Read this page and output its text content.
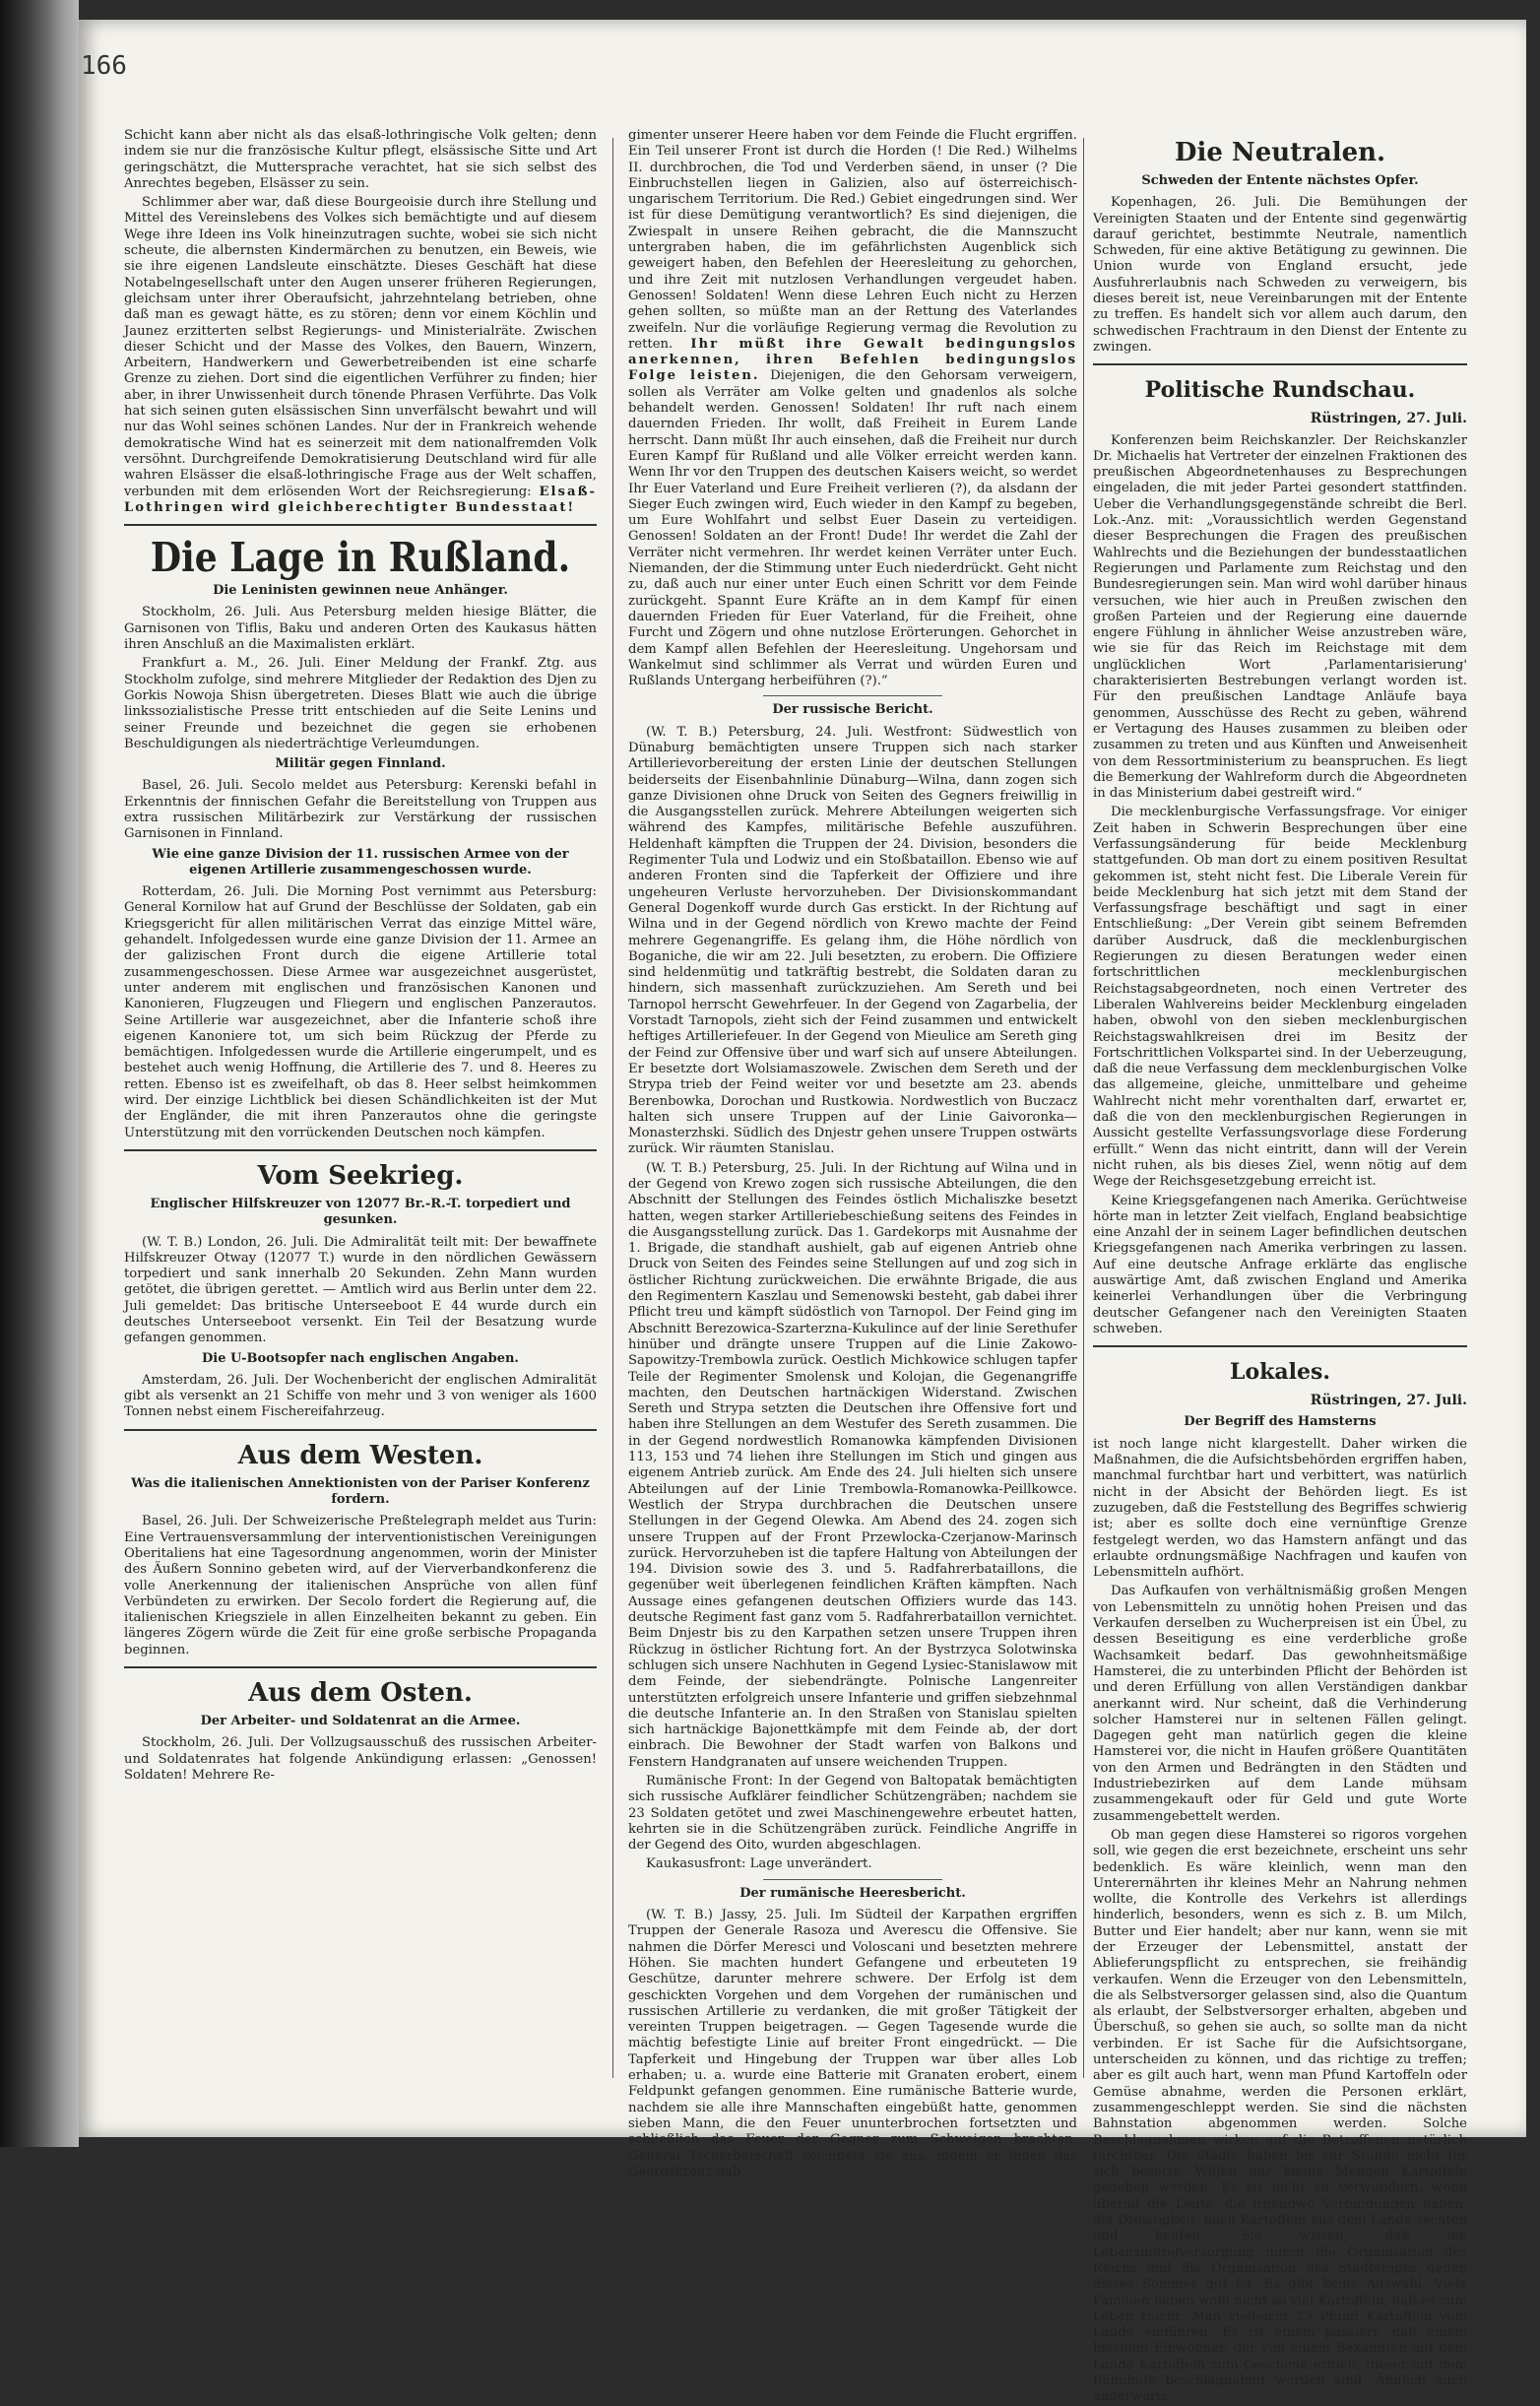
166

Schicht kann aber nicht als das elsaß-lothringische Volk gelten; denn indem sie nur die französische Kultur pflegt, elsässische Sitte und Art geringschätzt, die Muttersprache verachtet, hat sie sich selbst des Anrechtes begeben, Elsässer zu sein.

Schlimmer aber war, daß diese Bourgeoisie durch ihre Stellung und Mittel des Vereinslebens des Volkes sich bemächtigte und auf diesem Wege ihre Ideen ins Volk hineinzutragen suchte, wobei sie sich nicht scheute, die albernsten Kindermärchen zu benutzen, ein Beweis, wie sie ihre eigenen Landsleute einschätzte. Dieses Geschäft hat diese Notabelngesellschaft unter den Augen unserer früheren Regierungen, gleichsam unter ihrer Oberaufsicht, jahrzehntelang betrieben, ohne daß man es gewagt hätte, es zu stören; denn vor einem Köchlin und Jaunez erzitterten selbst Regierungs- und Ministerialräte. Zwischen dieser Schicht und der Masse des Volkes, den Bauern, Winzern, Arbeitern, Handwerkern und Gewerbetreibenden ist eine scharfe Grenze zu ziehen. Dort sind die eigentlichen Verführer zu finden; hier aber, in ihrer Unwissenheit durch tönende Phrasen Verführte. Das Volk hat sich seinen guten elsässischen Sinn unverfälscht bewahrt und will nur das Wohl seines schönen Landes. Nur der in Frankreich wehende demokratische Wind hat es seinerzeit mit dem nationalfremden Volk versöhnt. Durchgreifende Demokratisierung Deutschland wird für alle wahren Elsässer die elsaß-lothringische Frage aus der Welt schaffen, verbunden mit dem erlösenden Wort der Reichsregierung: Elsaß-Lothringen wird gleichberechtigter Bundesstaat!

Die Lage in Rußland.
Die Leninisten gewinnen neue Anhänger.

Stockholm, 26. Juli. Aus Petersburg melden hiesige Blätter, die Garnisonen von Tiflis, Baku und anderen Orten des Kaukasus hätten ihren Anschluß an die Maximalisten erklärt.

Frankfurt a. M., 26. Juli. Einer Meldung der Frankf. Ztg. aus Stockholm zufolge, sind mehrere Mitglieder der Redaktion des Djen zu Gorkis Nowoja Shisn übergetreten. Dieses Blatt wie auch die übrige linkssozialistische Presse tritt entschieden auf die Seite Lenins und seiner Freunde und bezeichnet die gegen sie erhobenen Beschuldigungen als niederträchtige Verleumdungen.

Militär gegen Finnland.

Basel, 26. Juli. Secolo meldet aus Petersburg: Kerenski befahl in Erkenntnis der finnischen Gefahr die Bereitstellung von Truppen aus extra russischen Militärbezirk zur Verstärkung der russischen Garnisonen in Finnland.

Wie eine ganze Division der 11. russischen Armee von der eigenen Artillerie zusammengeschossen wurde.

Rotterdam, 26. Juli. Die Morning Post vernimmt aus Petersburg: General Kornilow hat auf Grund der Beschlüsse der Soldaten, gab ein Kriegsgericht für allen militärischen Verrat das einzige Mittel wäre, gehandelt. Infolgedessen wurde eine ganze Division der 11. Armee an der galizischen Front durch die eigene Artillerie total zusammengeschossen. Diese Armee war ausgezeichnet ausgerüstet, unter anderem mit englischen und französischen Kanonen und Kanonieren, Flugzeugen und Fliegern und englischen Panzerautos. Seine Artillerie war ausgezeichnet, aber die Infanterie schoß ihre eigenen Kanoniere tot, um sich beim Rückzug der Pferde zu bemächtigen. Infolgedessen wurde die Artillerie eingerumpelt, und es bestehet auch wenig Hoffnung, die Artillerie des 7. und 8. Heeres zu retten. Ebenso ist es zweifelhaft, ob das 8. Heer selbst heimkommen wird. Der einzige Lichtblick bei diesen Schändlichkeiten ist der Mut der Engländer, die mit ihren Panzerautos ohne die geringste Unterstützung mit den vorrückenden Deutschen noch kämpfen.

Vom Seekrieg.
Englischer Hilfskreuzer von 12077 Br.-R.-T. torpediert und gesunken.

(W. T. B.) London, 26. Juli. Die Admiralität teilt mit: Der bewaffnete Hilfskreuzer Otway (12077 T.) wurde in den nördlichen Gewässern torpediert und sank innerhalb 20 Sekunden. Zehn Mann wurden getötet, die übrigen gerettet. — Amtlich wird aus Berlin unter dem 22. Juli gemeldet: Das britische Unterseeboot E 44 wurde durch ein deutsches Unterseeboot versenkt. Ein Teil der Besatzung wurde gefangen genommen.

Die U-Bootsopfer nach englischen Angaben.

Amsterdam, 26. Juli. Der Wochenbericht der englischen Admiralität gibt als versenkt an 21 Schiffe von mehr und 3 von weniger als 1600 Tonnen nebst einem Fischereifahrzeug.

Aus dem Westen.
Was die italienischen Annektionisten von der Pariser Konferenz fordern.

Basel, 26. Juli. Der Schweizerische Preßtelegraph meldet aus Turin: Eine Vertrauensversammlung der interventionistischen Vereinigungen Oberitaliens hat eine Tagesordnung angenommen, worin der Minister des Äußern Sonnino gebeten wird, auf der Vierverbandkonferenz die volle Anerkennung der italienischen Ansprüche von allen fünf Verbündeten zu erwirken. Der Secolo fordert die Regierung auf, die italienischen Kriegsziele in allen Einzelheiten bekannt zu geben. Ein längeres Zögern würde die Zeit für eine große serbische Propaganda beginnen.

Aus dem Osten.
Der Arbeiter- und Soldatenrat an die Armee.

Stockholm, 26. Juli. Der Vollzugsausschuß des russischen Arbeiter- und Soldatenrates hat folgende Ankündigung erlassen: „Genossen! Soldaten! Mehrere Re-

gimenter unserer Heere haben vor dem Feinde die Flucht ergriffen. Ein Teil unserer Front ist durch die Horden (! Die Red.) Wilhelms II. durchbrochen, die Tod und Verderben säend, in unser (? Die Einbruchstellen liegen in Galizien, also auf österreichisch-ungarischem Territorium. Die Red.) Gebiet eingedrungen sind. Wer ist für diese Demütigung verantwortlich? Es sind diejenigen, die Zwiespalt in unsere Reihen gebracht, die die Mannszucht untergraben haben, die im gefährlichsten Augenblick sich geweigert haben, den Befehlen der Heeresleitung zu gehorchen, und ihre Zeit mit nutzlosen Verhandlungen vergeudet haben. Genossen! Soldaten! Wenn diese Lehren Euch nicht zu Herzen gehen sollten, so müßte man an der Rettung des Vaterlandes zweifeln. Nur die vorläufige Regierung vermag die Revolution zu retten. Ihr müßt ihre Gewalt bedingungslos anerkennen, ihren Befehlen bedingungslos Folge leisten. Diejenigen, die den Gehorsam verweigern, sollen als Verräter am Volke gelten und gnadenlos als solche behandelt werden. Genossen! Soldaten! Ihr ruft nach einem dauernden Frieden. Ihr wollt, daß Freiheit in Eurem Lande herrscht. Dann müßt Ihr auch einsehen, daß die Freiheit nur durch Euren Kampf für Rußland und alle Völker erreicht werden kann. Wenn Ihr vor den Truppen des deutschen Kaisers weicht, so werdet Ihr Euer Vaterland und Eure Freiheit verlieren (?), da alsdann der Sieger Euch zwingen wird, Euch wieder in den Kampf zu begeben, um Eure Wohlfahrt und selbst Euer Dasein zu verteidigen. Genossen! Soldaten an der Front! Dude! Ihr werdet die Zahl der Verräter nicht vermehren. Ihr werdet keinen Verräter unter Euch. Niemanden, der die Stimmung unter Euch niederdrückt. Geht nicht zu, daß auch nur einer unter Euch einen Schritt vor dem Feinde zurückgeht. Spannt Eure Kräfte an in dem Kampf für einen dauernden Frieden für Euer Vaterland, für die Freiheit, ohne Furcht und Zögern und ohne nutzlose Erörterungen. Gehorchet in dem Kampf allen Befehlen der Heeresleitung. Ungehorsam und Wankelmut sind schlimmer als Verrat und würden Euren und Rußlands Untergang herbeiführen (?).“

Der russische Bericht.

(W. T. B.) Petersburg, 24. Juli. Westfront: Südwestlich von Dünaburg bemächtigten unsere Truppen sich nach starker Artillerievorbereitung der ersten Linie der deutschen Stellungen beiderseits der Eisenbahnlinie Dünaburg—Wilna, dann zogen sich ganze Divisionen ohne Druck von Seiten des Gegners freiwillig in die Ausgangsstellen zurück. Mehrere Abteilungen weigerten sich während des Kampfes, militärische Befehle auszuführen. Heldenhaft kämpften die Truppen der 24. Division, besonders die Regimenter Tula und Lodwiz und ein Stoßbataillon. Ebenso wie auf anderen Fronten sind die Tapferkeit der Offiziere und ihre ungeheuren Verluste hervorzuheben. Der Divisionskommandant General Dogenkoff wurde durch Gas erstickt. In der Richtung auf Wilna und in der Gegend nördlich von Krewo machte der Feind mehrere Gegenangriffe. Es gelang ihm, die Höhe nördlich von Boganiche, die wir am 22. Juli besetzten, zu erobern. Die Offiziere sind heldenmütig und tatkräftig bestrebt, die Soldaten daran zu hindern, sich massenhaft zurückzuziehen. Am Sereth und bei Tarnopol herrscht Gewehrfeuer. In der Gegend von Zagarbelia, der Vorstadt Tarnopols, zieht sich der Feind zusammen und entwickelt heftiges Artilleriefeuer. In der Gegend von Mieulice am Sereth ging der Feind zur Offensive über und warf sich auf unsere Abteilungen. Er besetzte dort Wolsiamaszowele. Zwischen dem Sereth und der Strypa trieb der Feind weiter vor und besetzte am 23. abends Berenbowka, Dorochan und Rustkowia. Nordwestlich von Buczacz halten sich unsere Truppen auf der Linie Gaivoronka—Monasterzhski. Südlich des Dnjestr gehen unsere Truppen ostwärts zurück. Wir räumten Stanislau.

(W. T. B.) Petersburg, 25. Juli. In der Richtung auf Wilna und in der Gegend von Krewo zogen sich russische Abteilungen, die den Abschnitt der Stellungen des Feindes östlich Michaliszke besetzt hatten, wegen starker Artilleriebeschießung seitens des Feindes in die Ausgangsstellung zurück. Das 1. Gardekorps mit Ausnahme der 1. Brigade, die standhaft aushielt, gab auf eigenen Antrieb ohne Druck von Seiten des Feindes seine Stellungen auf und zog sich in östlicher Richtung zurückweichen. Die erwähnte Brigade, die aus den Regimentern Kaszlau und Semenowski besteht, gab dabei ihrer Pflicht treu und kämpft südöstlich von Tarnopol. Der Feind ging im Abschnitt Berezowica-Szarterzna-Kukulince auf der linie Serethufer hinüber und drängte unsere Truppen auf die Linie Zakowo-Sapowitzy-Trembowla zurück. Oestlich Michkowice schlugen tapfer Teile der Regimenter Smolensk und Kolojan, die Gegenangriffe machten, den Deutschen hartnäckigen Widerstand. Zwischen Sereth und Strypa setzten die Deutschen ihre Offensive fort und haben ihre Stellungen an dem Westufer des Sereth zusammen. Die in der Gegend nordwestlich Romanowka kämpfenden Divisionen 113, 153 und 74 liehen ihre Stellungen im Stich und gingen aus eigenem Antrieb zurück. Am Ende des 24. Juli hielten sich unsere Abteilungen auf der Linie Trembowla-Romanowka-Peillkowce. Westlich der Strypa durchbrachen die Deutschen unsere Stellungen in der Gegend Olewka. Am Abend des 24. zogen sich unsere Truppen auf der Front Przewlocka-Czerjanow-Marinsch zurück. Hervorzuheben ist die tapfere Haltung von Abteilungen der 194. Division sowie des 3. und 5. Radfahrerbataillons, die gegenüber weit überlegenen feindlichen Kräften kämpften. Nach Aussage eines gefangenen deutschen Offiziers wurde das 143. deutsche Regiment fast ganz vom 5. Radfahrerbataillon vernichtet. Beim Dnjestr bis zu den Karpathen setzen unsere Truppen ihren Rückzug in östlicher Richtung fort. An der Bystrzyca Solotwinska schlugen sich unsere Nachhuten in Gegend Lysiec-Stanislawow mit dem Feinde, der siebendrängte. Polnische Langenreiter unterstützten erfolgreich unsere Infanterie und griffen siebzehnmal die deutsche Infanterie an. In den Straßen von Stanislau spielten sich hartnäckige Bajonettkämpfe mit dem Feinde ab, der dort einbrach. Die Bewohner der Stadt warfen von Balkons und Fenstern Handgranaten auf unsere weichenden Truppen.

Rumänische Front: In der Gegend von Baltopatak bemächtigten sich russische Aufklärer feindlicher Schützengräben; nachdem sie 23 Soldaten getötet und zwei Maschinengewehre erbeutet hatten, kehrten sie in die Schützengräben zurück. Feindliche Angriffe in der Gegend des Oito, wurden abgeschlagen.

Kaukasusfront: Lage unverändert.

Der rumänische Heeresbericht.

(W. T. B.) Jassy, 25. Juli. Im Südteil der Karpathen ergriffen Truppen der Generale Rasoza und Averescu die Offensive. Sie nahmen die Dörfer Meresci und Voloscani und besetzten mehrere Höhen. Sie machten hundert Gefangene und erbeuteten 19 Geschütze, darunter mehrere schwere. Der Erfolg ist dem geschickten Vorgehen und dem Vorgehen der rumänischen und russischen Artillerie zu verdanken, die mit großer Tätigkeit der vereinten Truppen beigetragen. — Gegen Tagesende wurde die mächtig befestigte Linie auf breiter Front eingedrückt. — Die Tapferkeit und Hingebung der Truppen war über alles Lob erhaben; u. a. wurde eine Batterie mit Granaten erobert, einem Feldpunkt gefangen genommen. Eine rumänische Batterie wurde, nachdem sie alle ihre Mannschaften eingebüßt hatte, genommen sieben Mann, die den Feuer ununterbrochen fortsetzten und schließlich das Feuer der Gegner zum Schweigen brachten. General Tscherbatscheff zeichnete sie aus, indem er ihnen das Georgskreuz gab.

Die Neutralen.
Schweden der Entente nächstes Opfer.

Kopenhagen, 26. Juli. Die Bemühungen der Vereinigten Staaten und der Entente sind gegenwärtig darauf gerichtet, bestimmte Neutrale, namentlich Schweden, für eine aktive Betätigung zu gewinnen. Die Union wurde von England ersucht, jede Ausfuhrerlaubnis nach Schweden zu verweigern, bis dieses bereit ist, neue Vereinbarungen mit der Entente zu treffen. Es handelt sich vor allem auch darum, den schwedischen Frachtraum in den Dienst der Entente zu zwingen.

Politische Rundschau.
Rüstringen, 27. Juli.

Konferenzen beim Reichskanzler. Der Reichskanzler Dr. Michaelis hat Vertreter der einzelnen Fraktionen des preußischen Abgeordnetenhauses zu Besprechungen eingeladen, die mit jeder Partei gesondert stattfinden. Ueber die Verhandlungsgegenstände schreibt die Berl. Lok.-Anz. mit: „Voraussichtlich werden Gegenstand dieser Besprechungen die Fragen des preußischen Wahlrechts und die Beziehungen der bundesstaatlichen Regierungen und Parlamente zum Reichstag und den Bundesregierungen sein. Man wird wohl darüber hinaus versuchen, wie hier auch in Preußen zwischen den großen Parteien und der Regierung eine dauernde engere Fühlung in ähnlicher Weise anzustreben wäre, wie sie für das Reich im Reichstage mit dem unglücklichen Wort ,Parlamentarisierung' charakterisierten Bestrebungen verlangt worden ist. Für den preußischen Landtage Anläufe baya genommen, Ausschüsse des Recht zu geben, während er Vertagung des Hauses zusammen zu bleiben oder zusammen zu treten und aus Künften und Anweisenheit von dem Ressortministerium zu beanspruchen. Es liegt die Bemerkung der Wahlreform durch die Abgeordneten in das Ministerium dabei gestreift wird.“

Die mecklenburgische Verfassungsfrage. Vor einiger Zeit haben in Schwerin Besprechungen über eine Verfassungsänderung für beide Mecklenburg stattgefunden. Ob man dort zu einem positiven Resultat gekommen ist, steht nicht fest. Die Liberale Verein für beide Mecklenburg hat sich jetzt mit dem Stand der Verfassungsfrage beschäftigt und sagt in einer Entschließung: „Der Verein gibt seinem Befremden darüber Ausdruck, daß die mecklenburgischen Regierungen zu diesen Beratungen weder einen fortschrittlichen mecklenburgischen Reichstagsabgeordneten, noch einen Vertreter des Liberalen Wahlvereins beider Mecklenburg eingeladen haben, obwohl von den sieben mecklenburgischen Reichstagswahlkreisen drei im Besitz der Fortschrittlichen Volkspartei sind. In der Ueberzeugung, daß die neue Verfassung dem mecklenburgischen Volke das allgemeine, gleiche, unmittelbare und geheime Wahlrecht nicht mehr vorenthalten darf, erwartet er, daß die von den mecklenburgischen Regierungen in Aussicht gestellte Verfassungsvorlage diese Forderung erfüllt.“ Wenn das nicht eintritt, dann will der Verein nicht ruhen, als bis dieses Ziel, wenn nötig auf dem Wege der Reichsgesetzgebung erreicht ist.

Keine Kriegsgefangenen nach Amerika. Gerüchtweise hörte man in letzter Zeit vielfach, England beabsichtige eine Anzahl der in seinem Lager befindlichen deutschen Kriegsgefangenen nach Amerika verbringen zu lassen. Auf eine deutsche Anfrage erklärte das englische auswärtige Amt, daß zwischen England und Amerika keinerlei Verhandlungen über die Verbringung deutscher Gefangener nach den Vereinigten Staaten schweben.

Lokales.
Rüstringen, 27. Juli.
Der Begriff des Hamsterns

ist noch lange nicht klargestellt. Daher wirken die Maßnahmen, die die Aufsichtsbehörden ergriffen haben, manchmal furchtbar hart und verbittert, was natürlich nicht in der Absicht der Behörden liegt. Es ist zuzugeben, daß die Feststellung des Begriffes schwierig ist; aber es sollte doch eine vernünftige Grenze festgelegt werden, wo das Hamstern anfängt und das erlaubte ordnungsmäßige Nachfragen und kaufen von Lebensmitteln aufhört.

Das Aufkaufen von verhältnismäßig großen Mengen von Lebensmitteln zu unnötig hohen Preisen und das Verkaufen derselben zu Wucherpreisen ist ein Übel, zu dessen Beseitigung es eine verderbliche große Wachsamkeit bedarf. Das gewohnheitsmäßige Hamsterei, die zu unterbinden Pflicht der Behörden ist und deren Erfüllung von allen Verständigen dankbar anerkannt wird. Nur scheint, daß die Verhinderung solcher Hamsterei nur in seltenen Fällen gelingt. Dagegen geht man natürlich gegen die kleine Hamsterei vor, die nicht in Haufen größere Quantitäten von den Armen und Bedrängten in den Städten und Industriebezirken auf dem Lande mühsam zusammengekauft oder für Geld und gute Worte zusammengebettelt werden.

Ob man gegen diese Hamsterei so rigoros vorgehen soll, wie gegen die erst bezeichnete, erscheint uns sehr bedenklich. Es wäre kleinlich, wenn man den Unterernährten ihr kleines Mehr an Nahrung nehmen wollte, die Kontrolle des Verkehrs ist allerdings hinderlich, besonders, wenn es sich z. B. um Milch, Butter und Eier handelt; aber nur kann, wenn sie mit der Erzeuger der Lebensmittel, anstatt der Ablieferungspflicht zu entsprechen, sie freihändig verkaufen. Wenn die Erzeuger von den Lebensmitteln, die als Selbstversorger gelassen sind, also die Quantum als erlaubt, der Selbstversorger erhalten, abgeben und Überschuß, so gehen sie auch, so sollte man da nicht verbinden. Er ist Sache für die Aufsichtsorgane, unterscheiden zu können, und das richtige zu treffen; aber es gilt auch hart, wenn man Pfund Kartoffeln oder Gemüse abnahme, werden die Personen erklärt, zusammengeschleppt werden. Sie sind die nächsten Bahnstation abgenommen werden. Solche Beschlagnahmen wirken auf die Betroffenen natürlich furchtbar. Die Städte haben bis zur Stunde nicht für sich besetzt. Willen nur kleine Mengen Kartoffeln gegeben werden. Es ist nicht zu verwundern, wenn überall die Leute, die irgendwo Verbindungen haben, die Dreistigkeit, nach Kartoffeln aus dem Lande sechten und kaufen. Sie wissen, daß die Lebensmittelversorgung durch die Organisation des Reichs und die Organisation des Städtetages gegen dieses Sommer gut ist. Es gibt keine Auswahl. Viele Familien haben wohl nicht so viel Kartoffeln, daß es zum Leben reicht. Man vielleicht 25 Pfund Kartoffeln vom Lande einführen. Es ist einem passiert, daß einem hiesigen Einwohner, der von einem Bekannten auf dem Lande Kartoffeln zum Geschenk erhielt, dieser auf dem Bahnhofe beschlagnahmt worden sind. Ähnlich auch anderwärts.
